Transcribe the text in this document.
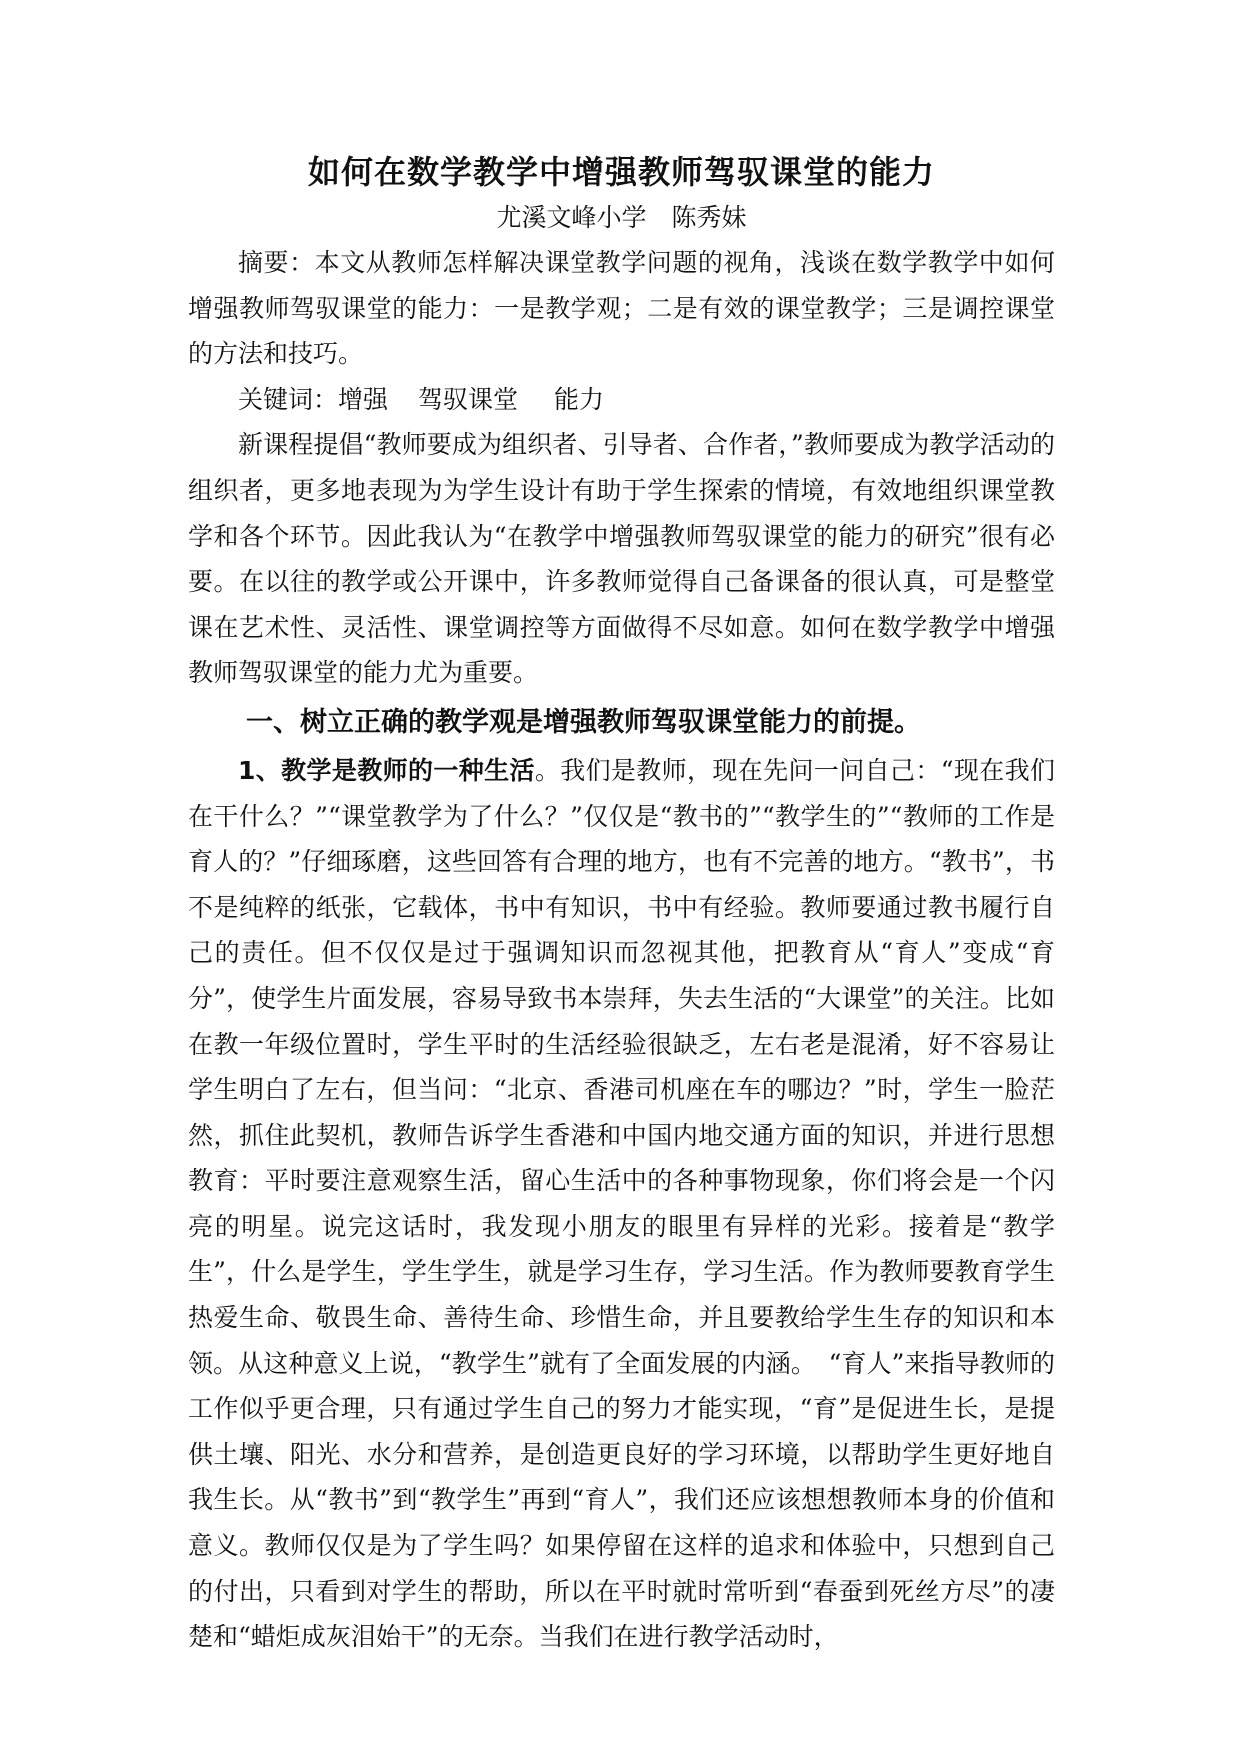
如何在数学教学中增强教师驾驭课堂的能力
尤溪文峰小学　陈秀妹

摘要：本文从教师怎样解决课堂教学问题的视角，浅谈在数学教学中如何增强教师驾驭课堂的能力：一是教学观；二是有效的课堂教学；三是调控课堂的方法和技巧。

关键词：增强 驾驭课堂 能力

新课程提倡“教师要成为组织者、引导者、合作者，”教师要成为教学活动的组织者，更多地表现为为学生设计有助于学生探索的情境，有效地组织课堂教学和各个环节。因此我认为“在教学中增强教师驾驭课堂的能力的研究”很有必要。在以往的教学或公开课中，许多教师觉得自己备课备的很认真，可是整堂课在艺术性、灵活性、课堂调控等方面做得不尽如意。如何在数学教学中增强教师驾驭课堂的能力尤为重要。

一、树立正确的教学观是增强教师驾驭课堂能力的前提。

1、教学是教师的一种生活。我们是教师，现在先问一问自己：“现在我们在干什么？”“课堂教学为了什么？”仅仅是“教书的”“教学生的”“教师的工作是育人的？”仔细琢磨，这些回答有合理的地方，也有不完善的地方。“教书”，书不是纯粹的纸张，它载体，书中有知识，书中有经验。教师要通过教书履行自己的责任。但不仅仅是过于强调知识而忽视其他，把教育从“育人”变成“育分”，使学生片面发展，容易导致书本崇拜，失去生活的“大课堂”的关注。比如在教一年级位置时，学生平时的生活经验很缺乏，左右老是混淆，好不容易让学生明白了左右，但当问：“北京、香港司机座在车的哪边？”时，学生一脸茫然，抓住此契机，教师告诉学生香港和中国内地交通方面的知识，并进行思想教育：平时要注意观察生活，留心生活中的各种事物现象，你们将会是一个闪亮的明星。说完这话时，我发现小朋友的眼里有异样的光彩。接着是“教学生”，什么是学生，学生学生，就是学习生存，学习生活。作为教师要教育学生热爱生命、敬畏生命、善待生命、珍惜生命，并且要教给学生生存的知识和本领。从这种意义上说，“教学生”就有了全面发展的内涵。　“育人”来指导教师的工作似乎更合理，只有通过学生自己的努力才能实现，“育”是促进生长，是提供土壤、阳光、水分和营养，是创造更良好的学习环境，以帮助学生更好地自我生长。从“教书”到“教学生”再到“育人”，我们还应该想想教师本身的价值和意义。教师仅仅是为了学生吗？如果停留在这样的追求和体验中，只想到自己的付出，只看到对学生的帮助，所以在平时就时常听到“春蚕到死丝方尽”的凄楚和“蜡炬成灰泪始干”的无奈。当我们在进行教学活动时，
